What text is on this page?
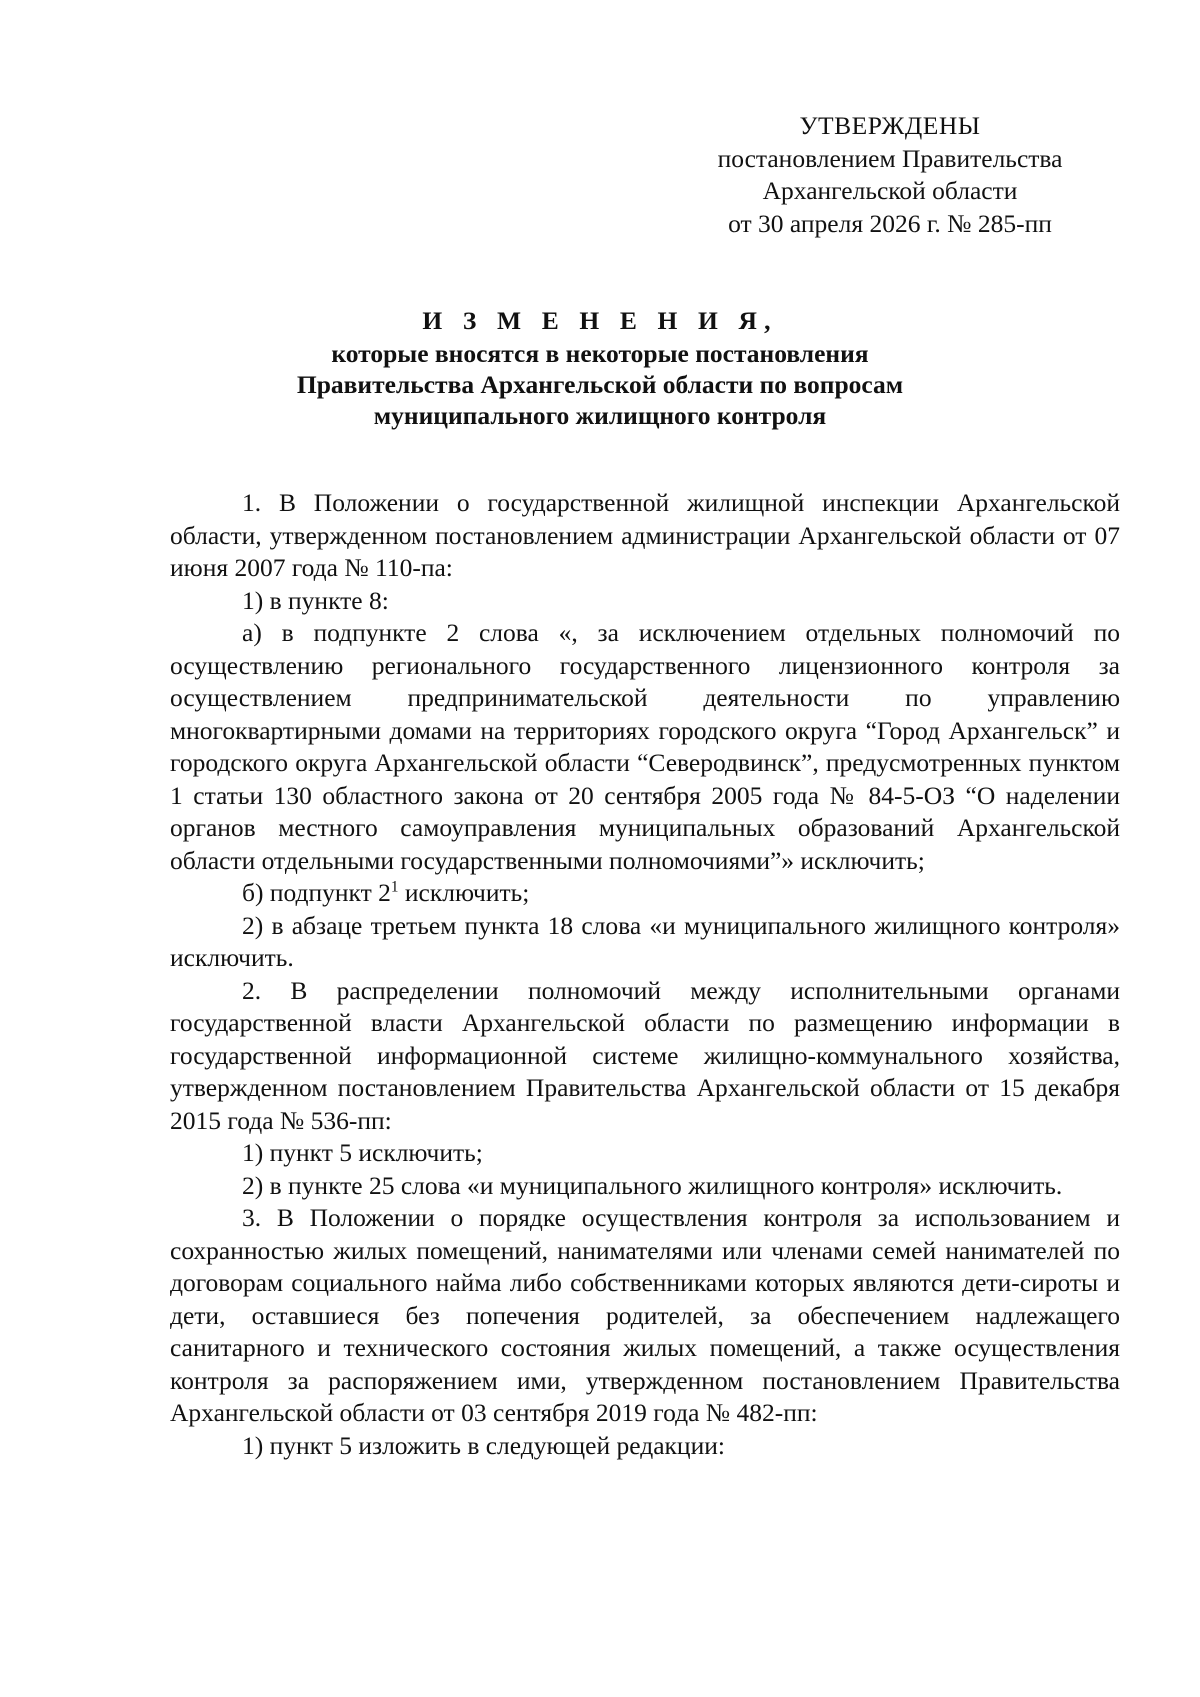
УТВЕРЖДЕНЫ
постановлением Правительства
Архангельской области
от 30 апреля 2026 г. № 285-пп
И З М Е Н Е Н И Я,
которые вносятся в некоторые постановления
Правительства Архангельской области по вопросам
муниципального жилищного контроля

1. В Положении о государственной жилищной инспекции Архангельской области, утвержденном постановлением администрации Архангельской области от 07 июня 2007 года № 110-па:

1) в пункте 8:

а) в подпункте 2 слова «, за исключением отдельных полномочий по осуществлению регионального государственного лицензионного контроля за осуществлением предпринимательской деятельности по управлению многоквартирными домами на территориях городского округа “Город Архангельск” и городского округа Архангельской области “Северодвинск”, предусмотренных пунктом 1 статьи 130 областного закона от 20 сентября 2005 года № 84-5-ОЗ “О наделении органов местного самоуправления муниципальных образований Архангельской области отдельными государственными полномочиями”» исключить;

б) подпункт $2^1$ исключить;

2) в абзаце третьем пункта 18 слова «и муниципального жилищного контроля» исключить.

2. В распределении полномочий между исполнительными органами государственной власти Архангельской области по размещению информации в государственной информационной системе жилищно-коммунального хозяйства, утвержденном постановлением Правительства Архангельской области от 15 декабря 2015 года № 536-пп:

1) пункт 5 исключить;

2) в пункте 25 слова «и муниципального жилищного контроля» исключить.

3. В Положении о порядке осуществления контроля за использованием и сохранностью жилых помещений, нанимателями или членами семей нанимателей по договорам социального найма либо собственниками которых являются дети-сироты и дети, оставшиеся без попечения родителей, за обеспечением надлежащего санитарного и технического состояния жилых помещений, а также осуществления контроля за распоряжением ими, утвержденном постановлением Правительства Архангельской области от 03 сентября 2019 года № 482-пп:

1) пункт 5 изложить в следующей редакции:
